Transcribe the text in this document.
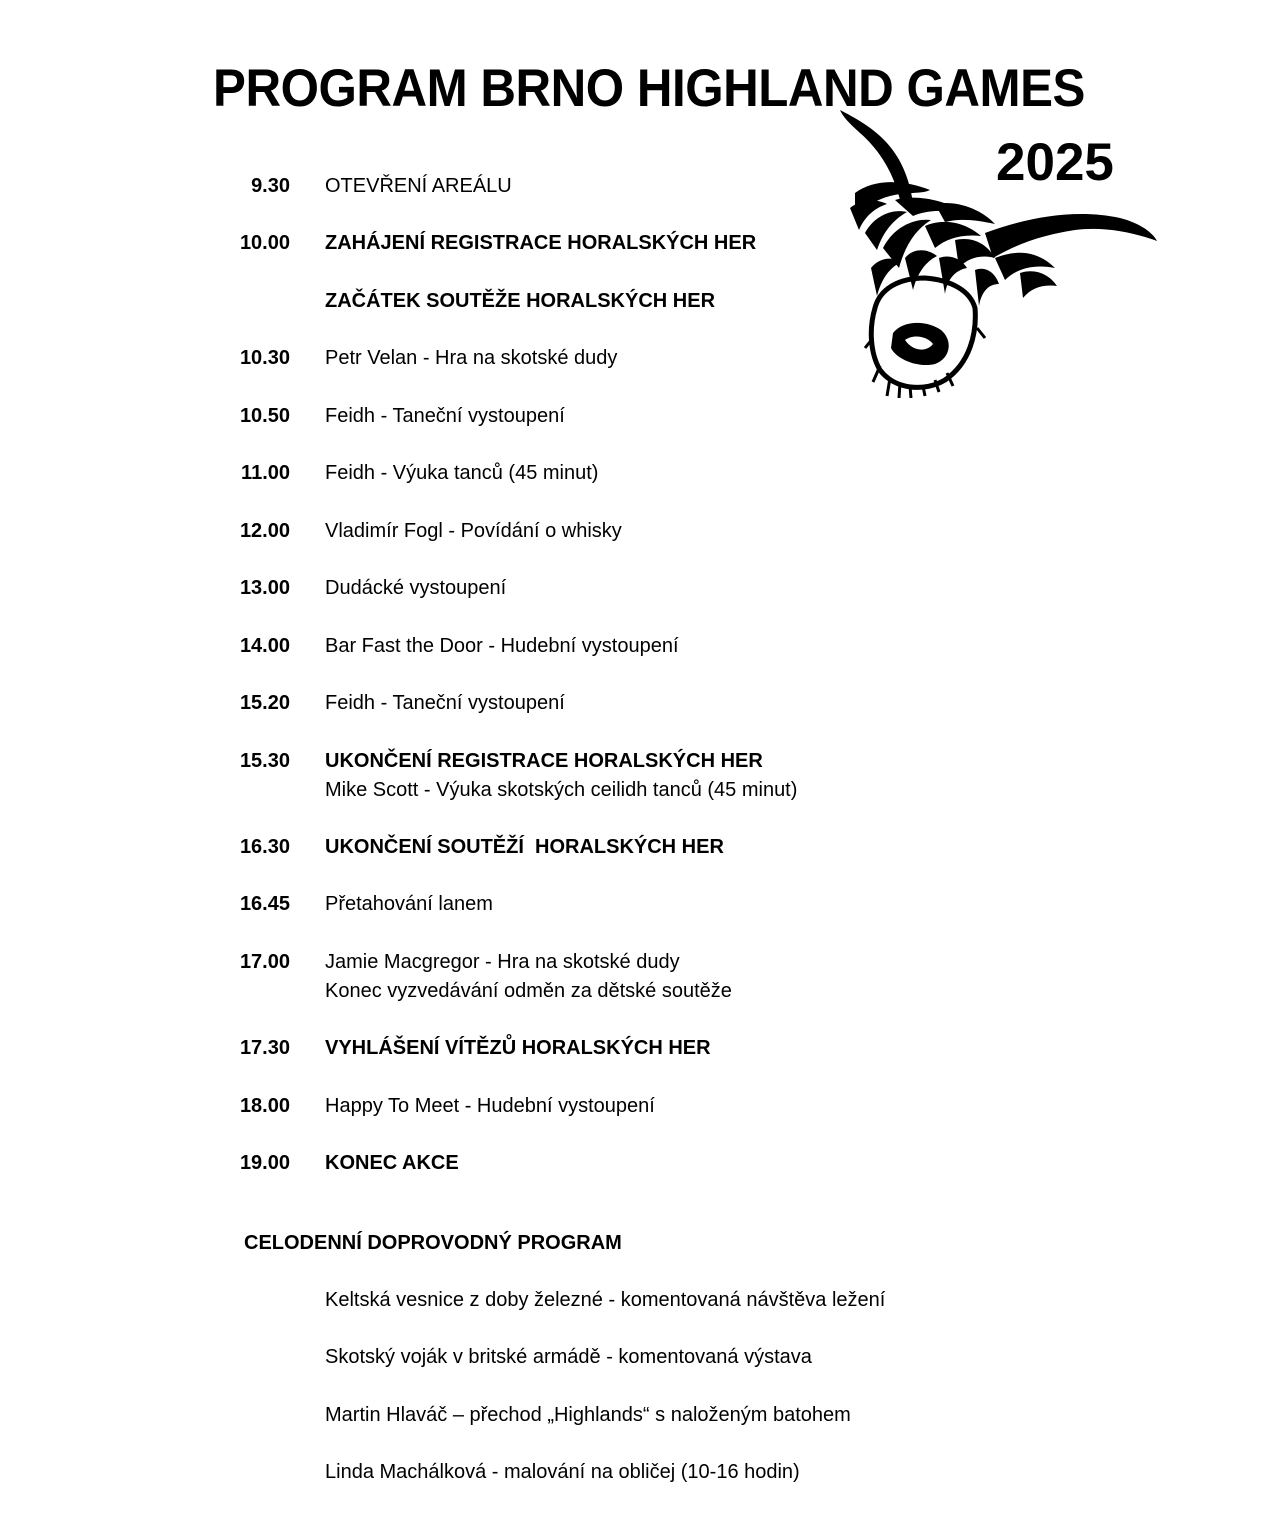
PROGRAM BRNO HIGHLAND GAMES
2025
9.30 OTEVŘENÍ AREÁLU
10.00 ZAHÁJENÍ REGISTRACE HORALSKÝCH HER
ZAČÁTEK SOUTĚŽE HORALSKÝCH HER
10.30 Petr Velan - Hra na skotské dudy
10.50 Feidh - Taneční vystoupení
11.00 Feidh - Výuka tanců (45 minut)
12.00 Vladimír Fogl - Povídání o whisky
13.00 Dudácké vystoupení
14.00 Bar Fast the Door - Hudební vystoupení
15.20 Feidh - Taneční vystoupení
15.30 UKONČENÍ REGISTRACE HORALSKÝCH HER
Mike Scott - Výuka skotských ceilidh tanců (45 minut)
16.30 UKONČENÍ SOUTĚŽÍ  HORALSKÝCH HER
16.45 Přetahování lanem
17.00 Jamie Macgregor - Hra na skotské dudy
Konec vyzvedávání odměn za dětské soutěže
17.30 VYHLÁŠENÍ VÍTĚZŮ HORALSKÝCH HER
18.00 Happy To Meet - Hudební vystoupení
19.00 KONEC AKCE
CELODENNÍ DOPROVODNÝ PROGRAM
Keltská vesnice z doby železné - komentovaná návštěva ležení
Skotský voják v britské armádě - komentovaná výstava
Martin Hlaváč – přechod „Highlands“ s naloženým batohem
Linda Machálková - malování na obličej (10-16 hodin)
